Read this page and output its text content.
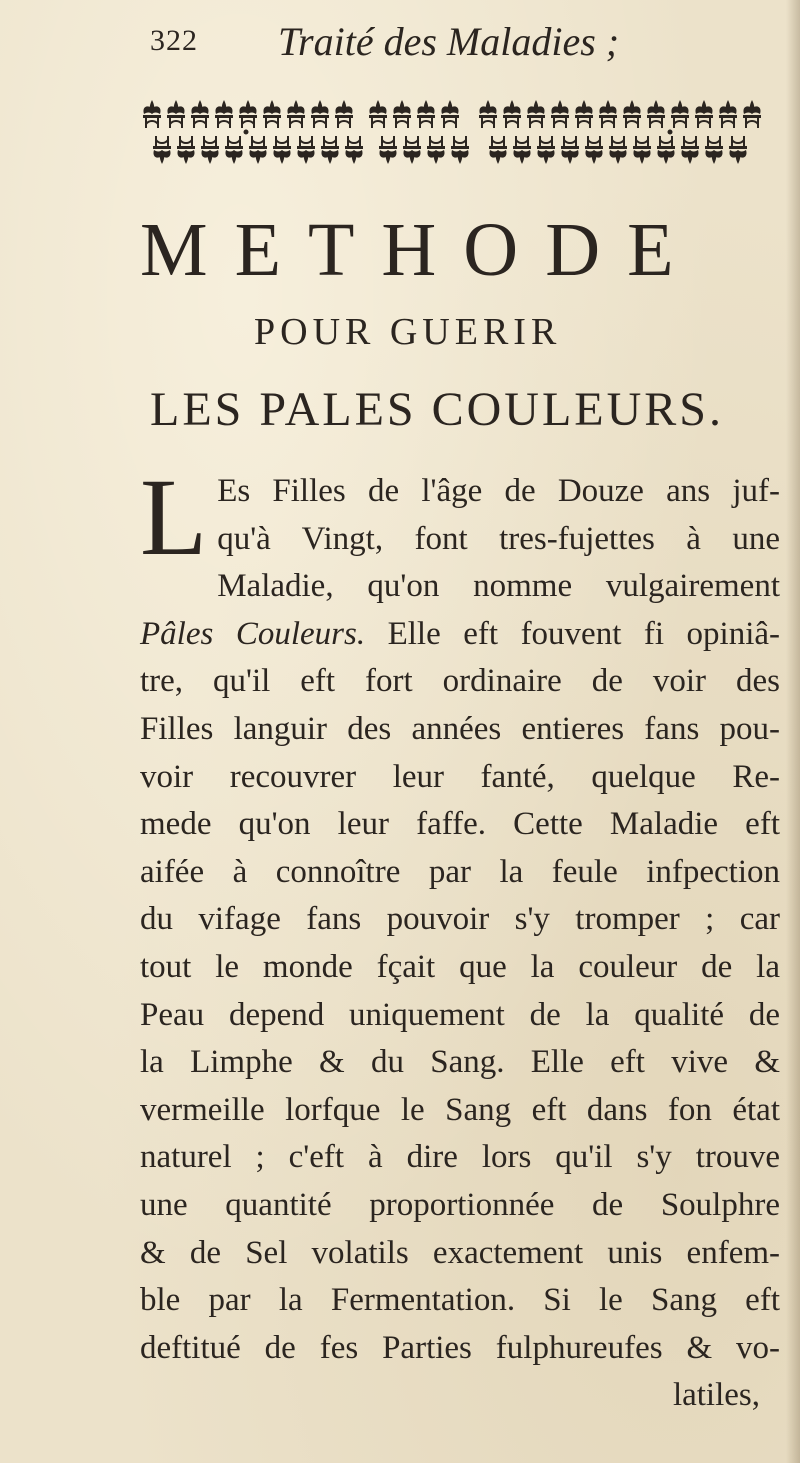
322 Traité des Maladies ;
METHODE
POUR GUERIR
LES PALES COULEURS.
L Es Filles de l'âge de Douze ans juf-
qu'à Vingt, font tres-fujettes à une
Maladie, qu'on nomme vulgairement
Pâles Couleurs. Elle eft fouvent fi opiniâ-
tre, qu'il eft fort ordinaire de voir des
Filles languir des années entieres fans pou-
voir recouvrer leur fanté, quelque Re-
mede qu'on leur faffe. Cette Maladie eft
aifée à connoître par la feule infpection
du vifage fans pouvoir s'y tromper ; car
tout le monde fçait que la couleur de la
Peau depend uniquement de la qualité de
la Limphe & du Sang. Elle eft vive &
vermeille lorfque le Sang eft dans fon état
naturel ; c'eft à dire lors qu'il s'y trouve
une quantité proportionnée de Soulphre
& de Sel volatils exactement unis enfem-
ble par la Fermentation. Si le Sang eft
deftitué de fes Parties fulphureufes & vo-
latiles,
